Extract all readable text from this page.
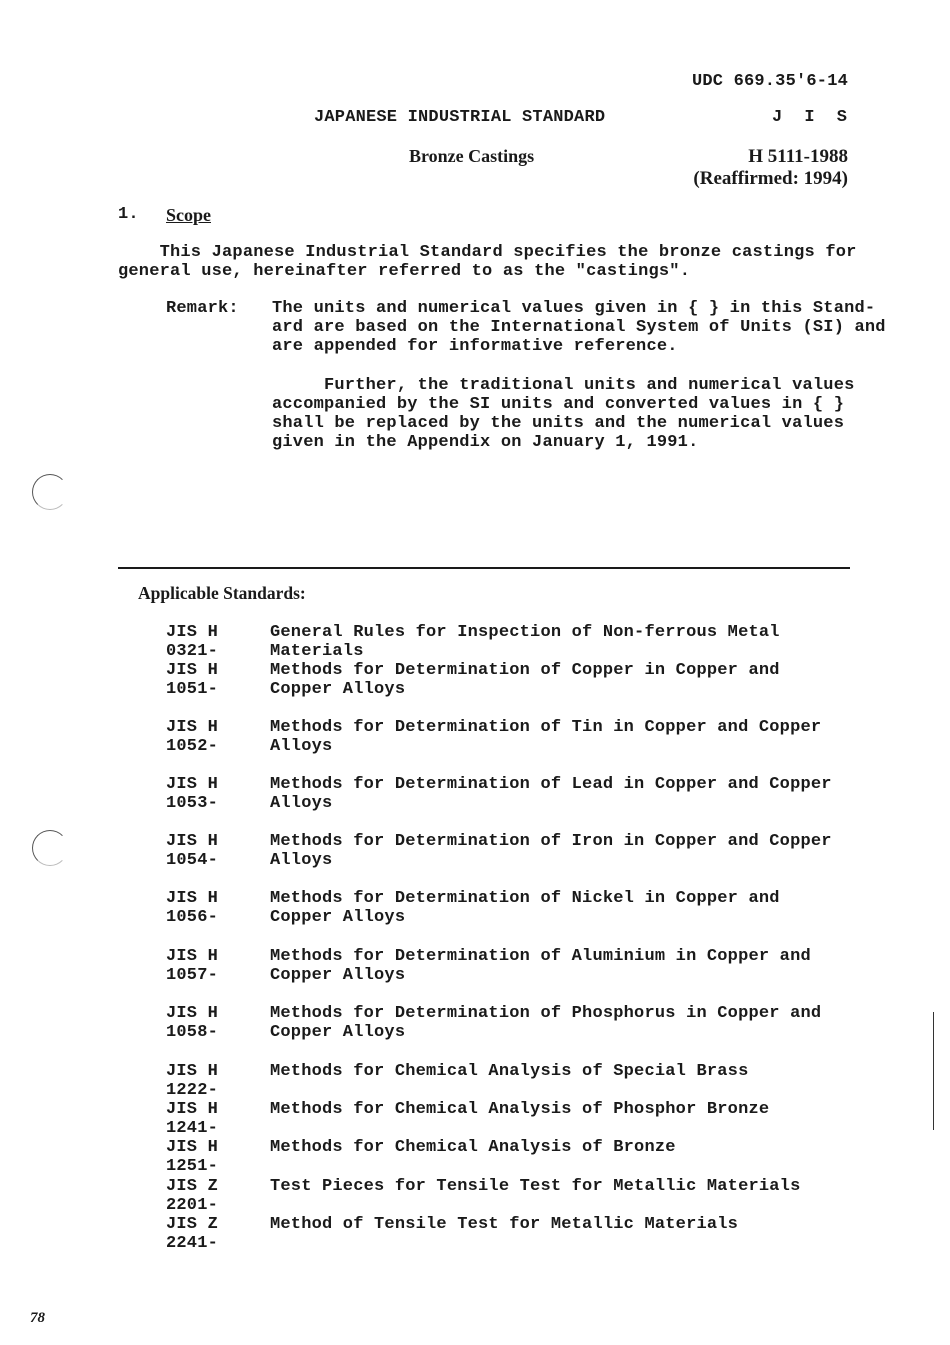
UDC 669.35'6-14
JAPANESE INDUSTRIAL STANDARD	J I S
Bronze Castings	H 5111-1988
(Reaffirmed: 1994)
1. Scope
This Japanese Industrial Standard specifies the bronze castings for
general use, hereinafter referred to as the "castings".
Remark: The units and numerical values given in { } in this Stand-
ard are based on the International System of Units (SI) and
are appended for informative reference.
Further, the traditional units and numerical values
accompanied by the SI units and converted values in { }
shall be replaced by the units and the numerical values
given in the Appendix on January 1, 1991.
Applicable Standards:
JIS H 0321-General Rules for Inspection of Non-ferrous Metal Materials
JIS H 1051-Methods for Determination of Copper in Copper and Copper Alloys
JIS H 1052-Methods for Determination of Tin in Copper and Copper Alloys
JIS H 1053-Methods for Determination of Lead in Copper and Copper Alloys
JIS H 1054-Methods for Determination of Iron in Copper and Copper Alloys
JIS H 1056-Methods for Determination of Nickel in Copper and Copper Alloys
JIS H 1057-Methods for Determination of Aluminium in Copper and Copper Alloys
JIS H 1058-Methods for Determination of Phosphorus in Copper and Copper Alloys
JIS H 1222-Methods for Chemical Analysis of Special Brass
JIS H 1241-Methods for Chemical Analysis of Phosphor Bronze
JIS H 1251-Methods for Chemical Analysis of Bronze
JIS Z 2201-Test Pieces for Tensile Test for Metallic Materials
JIS Z 2241-Method of Tensile Test for Metallic Materials
78
